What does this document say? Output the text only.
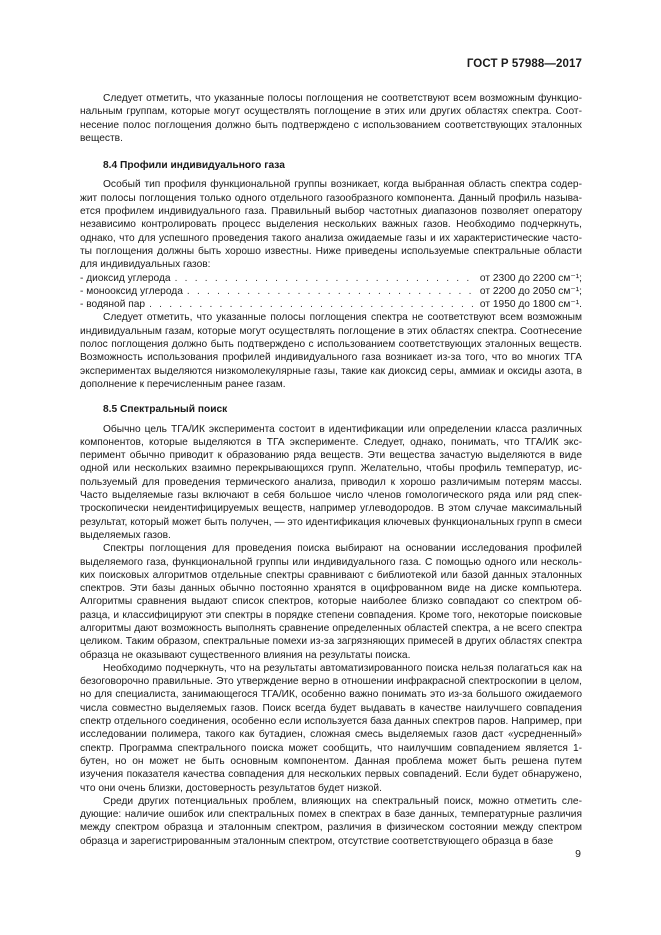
ГОСТ Р 57988—2017

Следует отметить, что указанные полосы поглощения не соответствуют всем возможным функциональным группам, которые могут осуществлять поглощение в этих или других областях спектра. Соотнесение полос поглощения должно быть подтверждено с использованием соответствующих эталонных веществ.

8.4 Профили индивидуального газа

Особый тип профиля функциональной группы возникает, когда выбранная область спектра содержит полосы поглощения только одного отдельного газообразного компонента. Данный профиль называется профилем индивидуального газа. Правильный выбор частотных диапазонов позволяет оператору независимо контролировать процесс выделения нескольких важных газов. Необходимо подчеркнуть, однако, что для успешного проведения такого анализа ожидаемые газы и их характеристические частоты поглощения должны быть хорошо известны. Ниже приведены используемые спектральные области для индивидуальных газов:

- диоксид углерода . . .	от 2300 до 2200 см⁻¹;
- монооксид углерода . . .	от 2200 до 2050 см⁻¹;
- водяной пар . . .	от 1950 до 1800 см⁻¹.

Следует отметить, что указанные полосы поглощения спектра не соответствуют всем возможным индивидуальным газам, которые могут осуществлять поглощение в этих областях спектра. Соотнесение полос поглощения должно быть подтверждено с использованием соответствующих эталонных веществ. Возможность использования профилей индивидуального газа возникает из-за того, что во многих ТГА экспериментах выделяются низкомолекулярные газы, такие как диоксид серы, аммиак и оксиды азота, в дополнение к перечисленным ранее газам.

8.5 Спектральный поиск

Обычно цель ТГА/ИК эксперимента состоит в идентификации или определении класса различных компонентов, которые выделяются в ТГА эксперименте. Следует, однако, понимать, что ТГА/ИК эксперимент обычно приводит к образованию ряда веществ. Эти вещества зачастую выделяются в виде одной или нескольких взаимно перекрывающихся групп. Желательно, чтобы профиль температур, используемый для проведения термического анализа, приводил к хорошо различимым потерям массы. Часто выделяемые газы включают в себя большое число членов гомологического ряда или ряд спектроскопически неидентифицируемых веществ, например углеводородов. В этом случае максимальный результат, который может быть получен, — это идентификация ключевых функциональных групп в смеси выделяемых газов.

Спектры поглощения для проведения поиска выбирают на основании исследования профилей выделяемого газа, функциональной группы или индивидуального газа. С помощью одного или нескольких поисковых алгоритмов отдельные спектры сравнивают с библиотекой или базой данных эталонных спектров. Эти базы данных обычно постоянно хранятся в оцифрованном виде на диске компьютера. Алгоритмы сравнения выдают список спектров, которые наиболее близко совпадают со спектром образца, и классифицируют эти спектры в порядке степени совпадения. Кроме того, некоторые поисковые алгоритмы дают возможность выполнять сравнение определенных областей спектра, а не всего спектра целиком. Таким образом, спектральные помехи из-за загрязняющих примесей в других областях спектра образца не оказывают существенного влияния на результаты поиска.

Необходимо подчеркнуть, что на результаты автоматизированного поиска нельзя полагаться как на безоговорочно правильные. Это утверждение верно в отношении инфракрасной спектроскопии в целом, но для специалиста, занимающегося ТГА/ИК, особенно важно понимать это из-за большого ожидаемого числа совместно выделяемых газов. Поиск всегда будет выдавать в качестве наилучшего совпадения спектр отдельного соединения, особенно если используется база данных спектров паров. Например, при исследовании полимера, такого как бутадиен, сложная смесь выделяемых газов даст «усредненный» спектр. Программа спектрального поиска может сообщить, что наилучшим совпадением является 1-бутен, но он может не быть основным компонентом. Данная проблема может быть решена путем изучения показателя качества совпадения для нескольких первых совпадений. Если будет обнаружено, что они очень близки, достоверность результатов будет низкой.

Среди других потенциальных проблем, влияющих на спектральный поиск, можно отметить следующие: наличие ошибок или спектральных помех в спектрах в базе данных, температурные различия между спектром образца и эталонным спектром, различия в физическом состоянии между спектром образца и зарегистрированным эталонным спектром, отсутствие соответствующего образца в базе

9
